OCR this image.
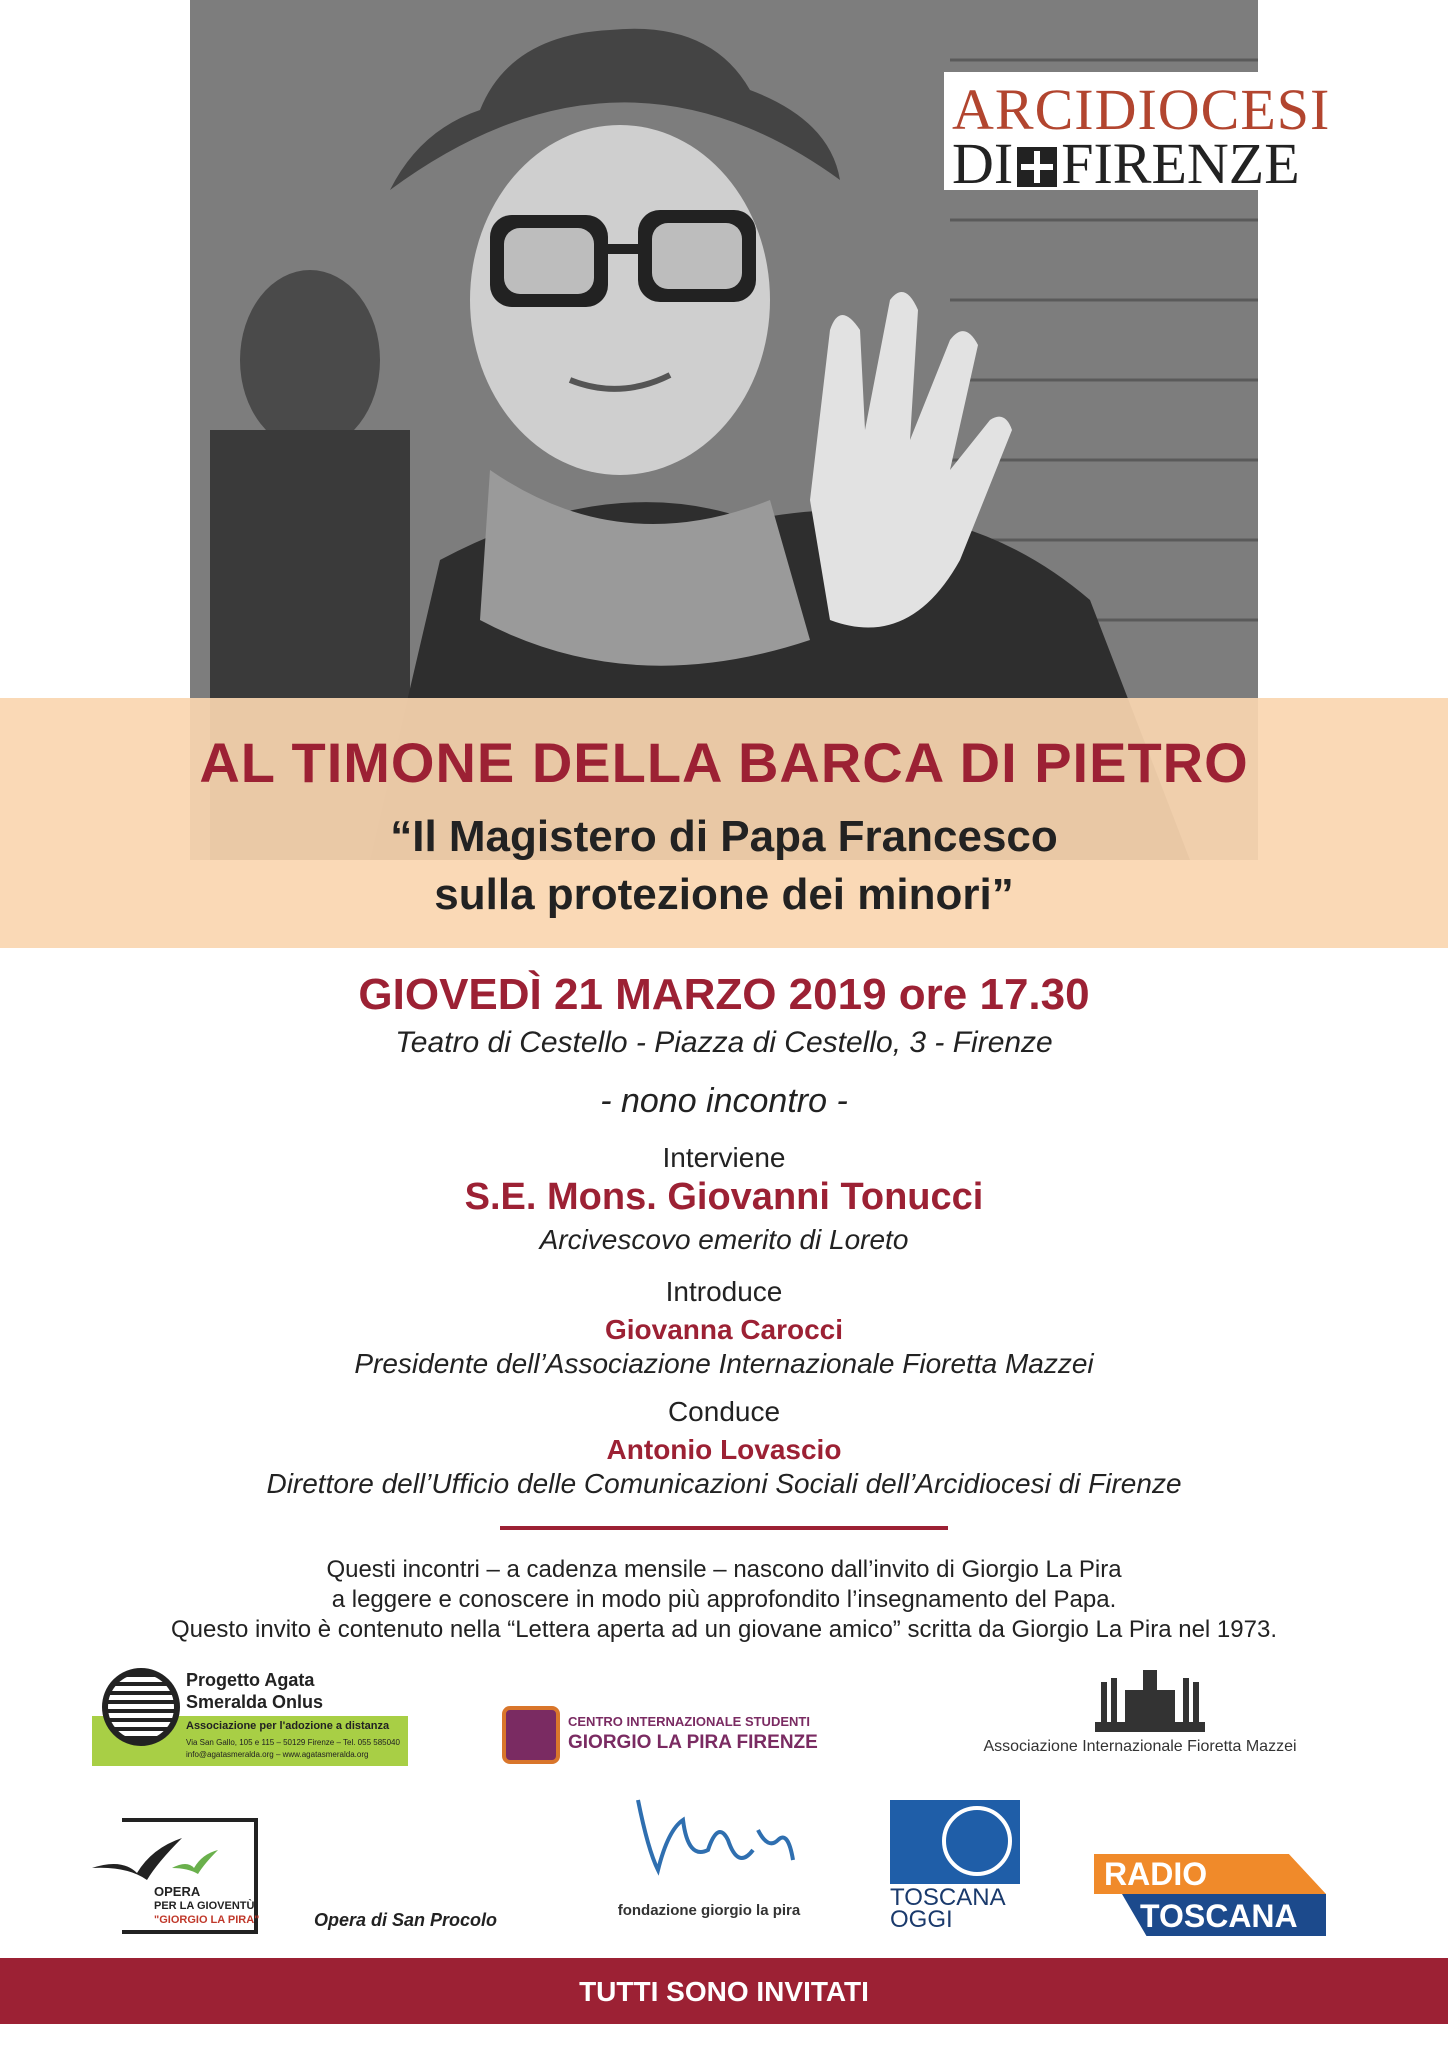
ARCIDIOCESI
DI FIRENZE
AL TIMONE DELLA BARCA DI PIETRO
“Il Magistero di Papa Francesco
sulla protezione dei minori”
GIOVEDÌ 21 MARZO 2019 ore 17.30
Teatro di Cestello - Piazza di Cestello, 3 - Firenze
- nono incontro -
Interviene
S.E. Mons. Giovanni Tonucci
Arcivescovo emerito di Loreto
Introduce
Giovanna Carocci
Presidente dell’Associazione Internazionale Fioretta Mazzei
Conduce
Antonio Lovascio
Direttore dell’Ufficio delle Comunicazioni Sociali dell’Arcidiocesi di Firenze
Questi incontri – a cadenza mensile – nascono dall’invito di Giorgio La Pira
a leggere e conoscere in modo più approfondito l’insegnamento del Papa.
Questo invito è contenuto nella “Lettera aperta ad un giovane amico” scritta da Giorgio La Pira nel 1973.
Progetto Agata
Smeralda Onlus
Associazione per l'adozione a distanza
Via San Gallo, 105 e 115 – 50129 Firenze – Tel. 055 585040
info@agatasmeralda.org – www.agatasmeralda.org
CENTRO INTERNAZIONALE STUDENTI
GIORGIO LA PIRA FIRENZE	Associazione Internazionale Fioretta Mazzei
OPERA
PER LA GIOVENTÙ
"GIORGIO LA PIRA"	Opera di San Procolo	fondazione giorgio la pira	TOSCANA
OGGI
RADIO
TOSCANA
TUTTI SONO INVITATI
